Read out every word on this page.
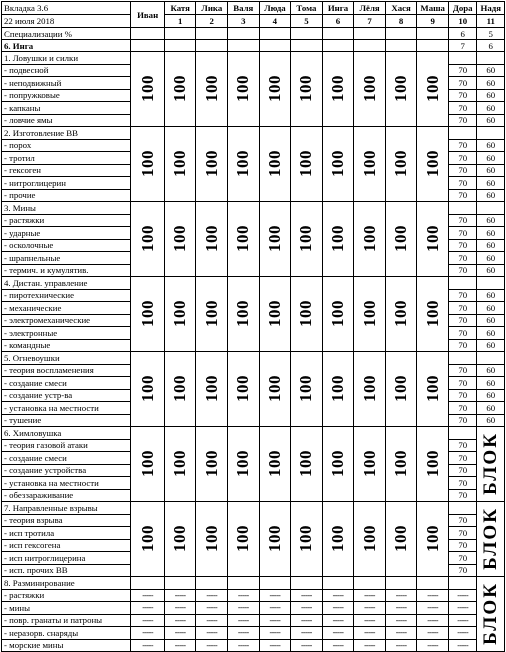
Вкладка 3.6	Иван	Катя	Лика	Валя	Люда	Тома	Инга	Лёля	Хася	Маша	Дора	Надя
22 июля 2018		1	2	3	4	5	6	7	8	9	10	11
Специализации %											6	5
6. Инга											7	6
1. Ловушки и силки	100	100	100	100	100	100	100	100	100	100		
- подвесной											70	60
- неподвижный											70	60
- попружковые											70	60
- капканы											70	60
- ловчие ямы											70	60
2. Изготовление ВВ	100	100	100	100	100	100	100	100	100	100		
- порох											70	60
- тротил											70	60
- гексоген											70	60
- нитроглицерин											70	60
- прочие											70	60
3. Мины	100	100	100	100	100	100	100	100	100	100		
- растяжки											70	60
- ударные											70	60
- осколочные											70	60
- шрапнельные											70	60
- термич. и кумулятив.											70	60
4. Дистан. управление	100	100	100	100	100	100	100	100	100	100		
- пиротехнические											70	60
- механические											70	60
- электромеханические											70	60
- электронные											70	60
- командные											70	60
5. Огневоушки	100	100	100	100	100	100	100	100	100	100		
- теория воспламенения											70	60
- создание смеси											70	60
- создание устр-ва											70	60
- установка на местности											70	60
- тушение											70	60
6. Химловушка	100	100	100	100	100	100	100	100	100	100		БЛОК
- теория газовой атаки											70	
- создание смеси											70	
- создание устройства											70	
- установка на местности											70	
- обеззараживание											70	
7. Направленные взрывы	100	100	100	100	100	100	100	100	100	100		БЛОК
- теория взрыва											70	
- исп тротила											70	
- исп гексогена											70	
- исп нитроглицерина											70	
- исп. прочих ВВ											70	
8. Разминирование												БЛОК
- растяжки	-----	-----	-----	-----	-----	-----	-----	-----	-----	-----	-----	
- мины	-----	-----	-----	-----	-----	-----	-----	-----	-----	-----	-----	
- повр. гранаты и патроны	-----	-----	-----	-----	-----	-----	-----	-----	-----	-----	-----	
- неразорв. снаряды	-----	-----	-----	-----	-----	-----	-----	-----	-----	-----	-----	
- морские мины	-----	-----	-----	-----	-----	-----	-----	-----	-----	-----	-----	
